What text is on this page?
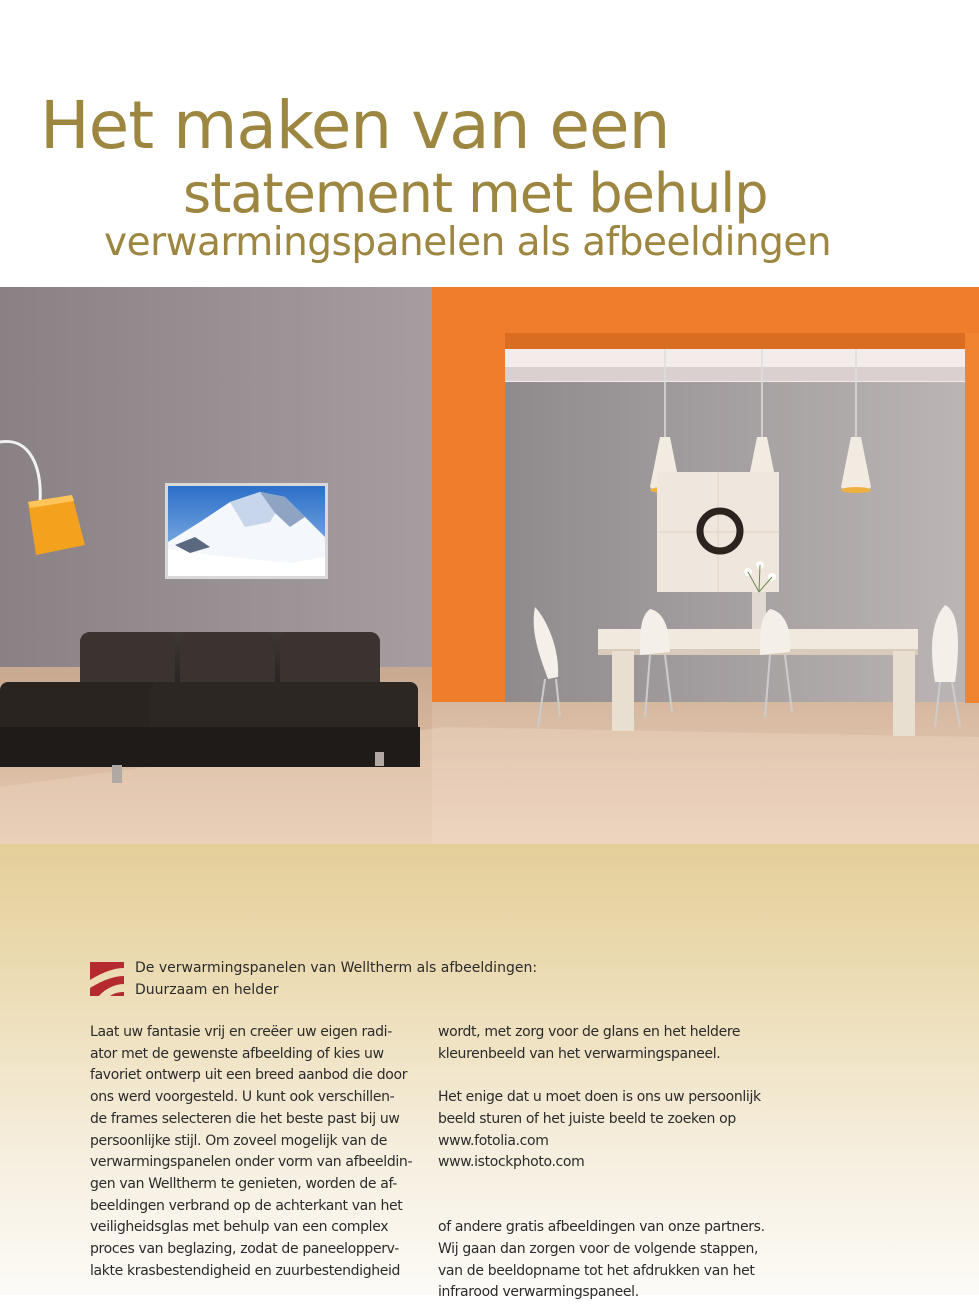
Het maken van een
statement met behulp
verwarmingspanelen als afbeeldingen
De verwarmingspanelen van Welltherm als afbeeldingen:
Duurzaam en helder

Laat uw fantasie vrij en creëer uw eigen radi-
ator met de gewenste afbeelding of kies uw
favoriet ontwerp uit een breed aanbod die door
ons werd voorgesteld. U kunt ook verschillen-
de frames selecteren die het beste past bij uw
persoonlijke stijl. Om zoveel mogelijk van de
verwarmingspanelen onder vorm van afbeeldin-
gen van Welltherm te genieten, worden de af-
beeldingen verbrand op de achterkant van het
veiligheidsglas met behulp van een complex
proces van beglazing, zodat de paneelopperv-
lakte krasbestendigheid en zuurbestendigheid

wordt, met zorg voor de glans en het heldere
kleurenbeeld van het verwarmingspaneel.

Het enige dat u moet doen is ons uw persoonlijk
beeld sturen of het juiste beeld te zoeken op
www.fotolia.com
www.istockphoto.com

of andere gratis afbeeldingen van onze partners.
Wij gaan dan zorgen voor de volgende stappen,
van de beeldopname tot het afdrukken van het
infrarood verwarmingspaneel.
